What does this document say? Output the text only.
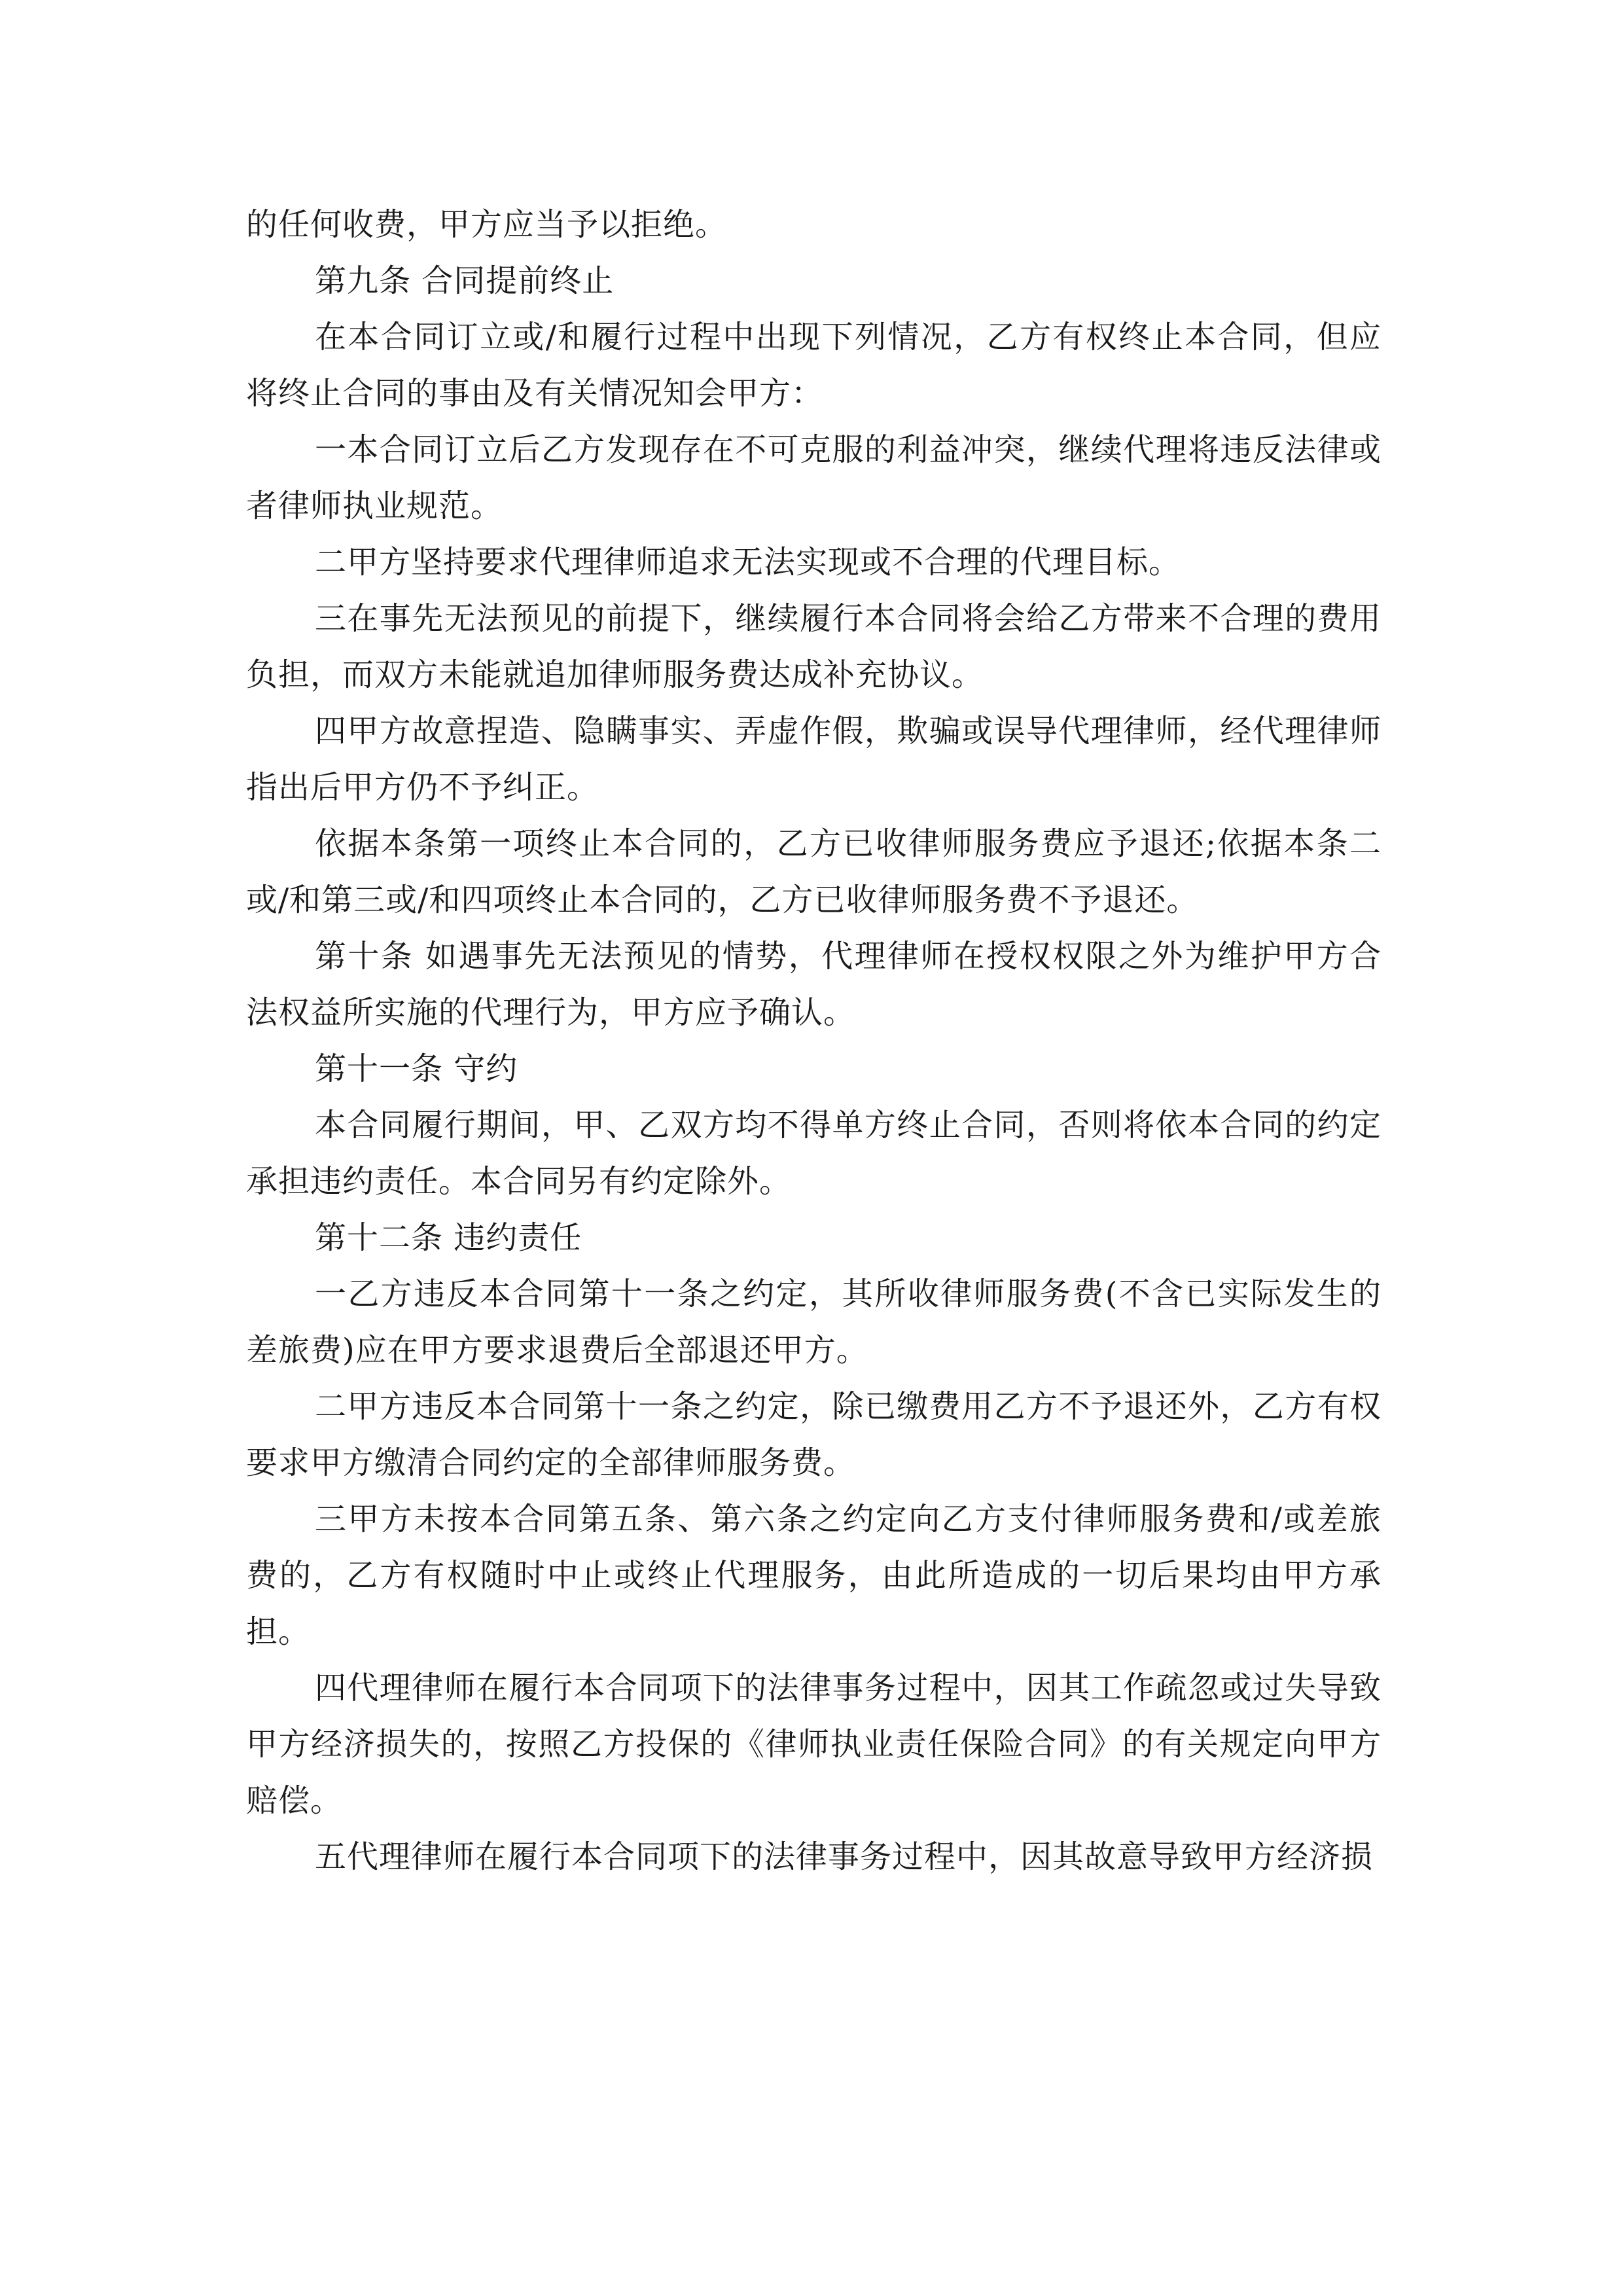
的任何收费，甲方应当予以拒绝。

第九条 合同提前终止

在本合同订立或/和履行过程中出现下列情况，乙方有权终止本合同，但应将终止合同的事由及有关情况知会甲方：

一本合同订立后乙方发现存在不可克服的利益冲突，继续代理将违反法律或者律师执业规范。

二甲方坚持要求代理律师追求无法实现或不合理的代理目标。

三在事先无法预见的前提下，继续履行本合同将会给乙方带来不合理的费用负担，而双方未能就追加律师服务费达成补充协议。

四甲方故意捏造、隐瞒事实、弄虚作假，欺骗或误导代理律师，经代理律师指出后甲方仍不予纠正。

依据本条第一项终止本合同的，乙方已收律师服务费应予退还;依据本条二或/和第三或/和四项终止本合同的，乙方已收律师服务费不予退还。

第十条 如遇事先无法预见的情势，代理律师在授权权限之外为维护甲方合法权益所实施的代理行为，甲方应予确认。

第十一条 守约

本合同履行期间，甲、乙双方均不得单方终止合同，否则将依本合同的约定承担违约责任。本合同另有约定除外。

第十二条 违约责任

一乙方违反本合同第十一条之约定，其所收律师服务费(不含已实际发生的差旅费)应在甲方要求退费后全部退还甲方。

二甲方违反本合同第十一条之约定，除已缴费用乙方不予退还外，乙方有权要求甲方缴清合同约定的全部律师服务费。

三甲方未按本合同第五条、第六条之约定向乙方支付律师服务费和/或差旅费的，乙方有权随时中止或终止代理服务，由此所造成的一切后果均由甲方承担。

四代理律师在履行本合同项下的法律事务过程中，因其工作疏忽或过失导致甲方经济损失的，按照乙方投保的《律师执业责任保险合同》的有关规定向甲方赔偿。

五代理律师在履行本合同项下的法律事务过程中，因其故意导致甲方经济损
